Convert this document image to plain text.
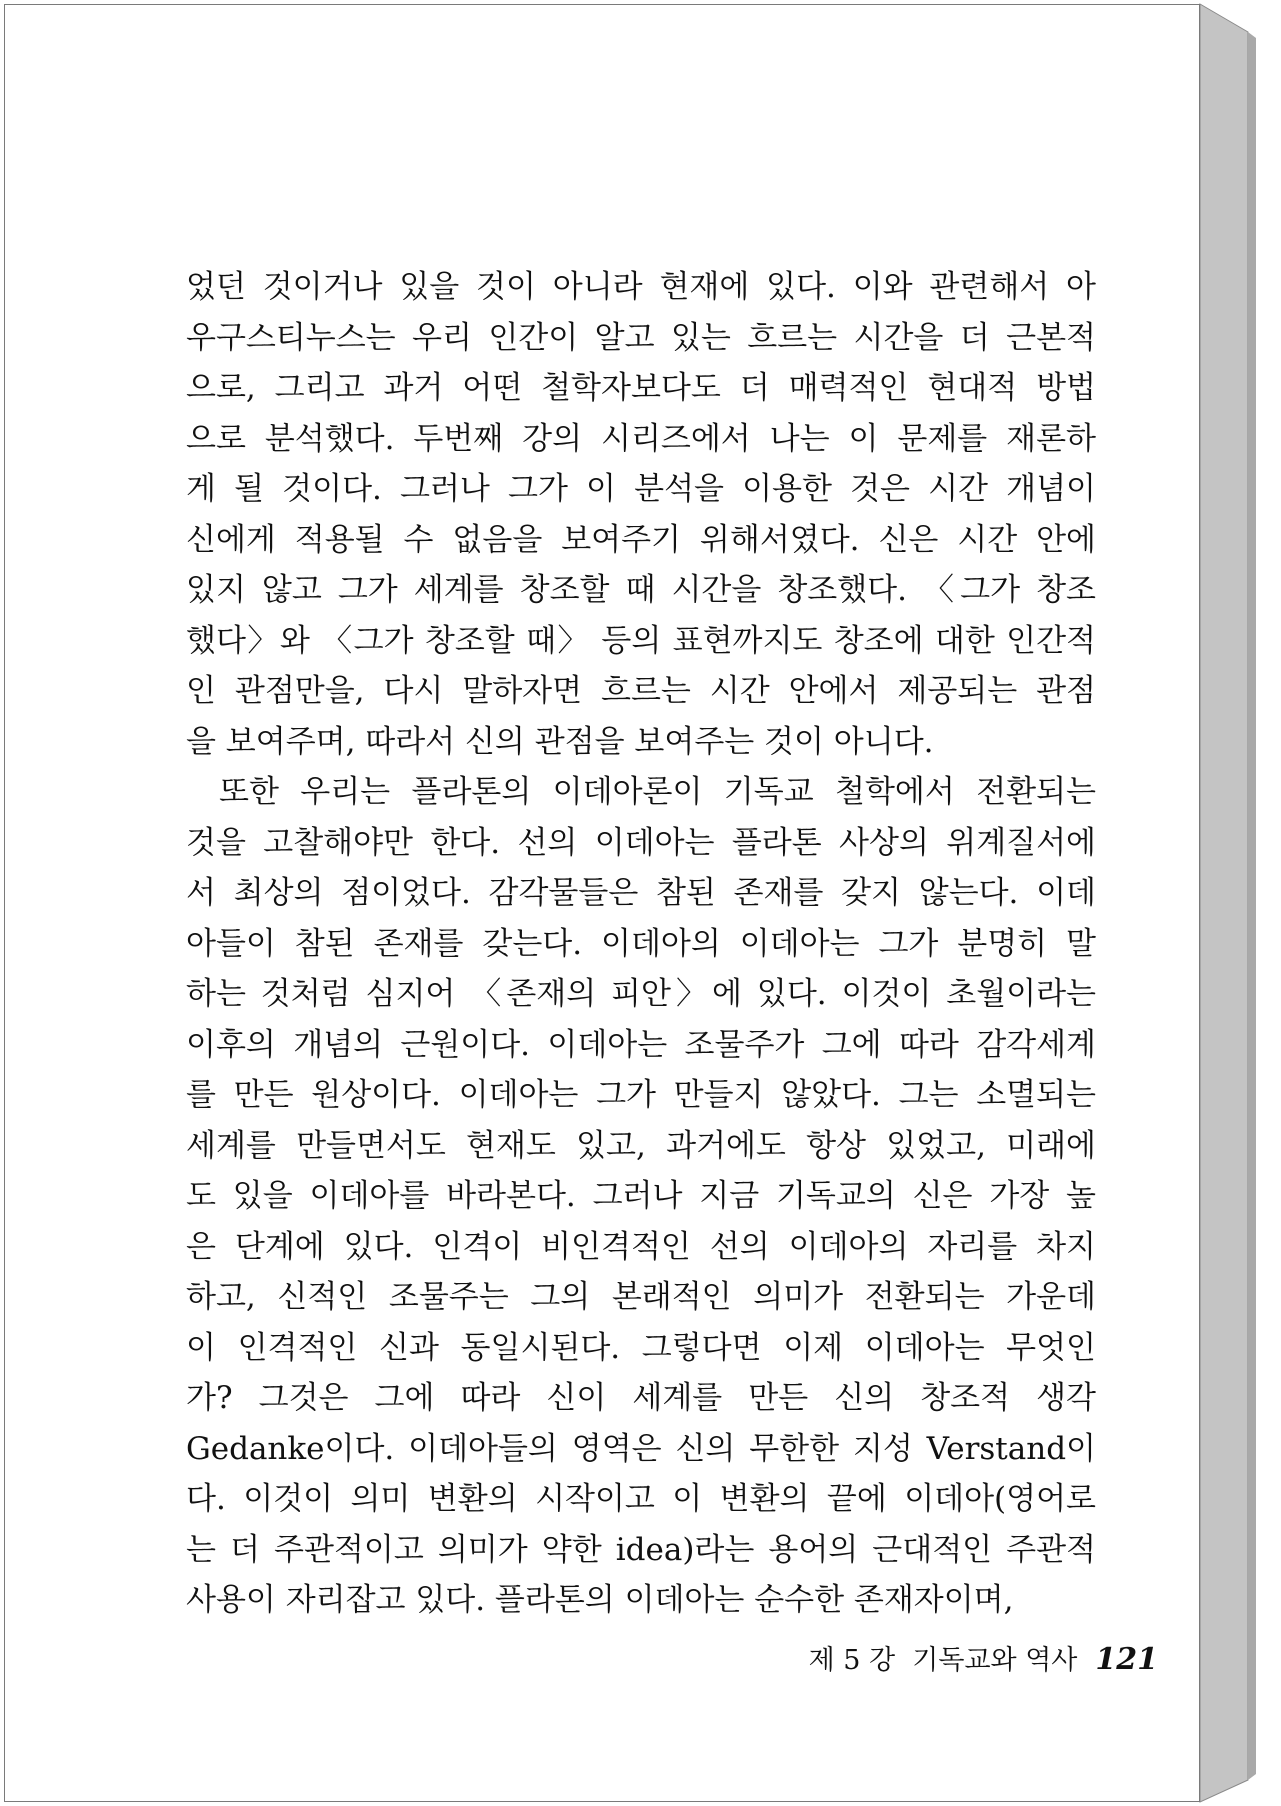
었던 것이거나 있을 것이 아니라 현재에 있다. 이와 관련해서 아
우구스티누스는 우리 인간이 알고 있는 흐르는 시간을 더 근본적
으로, 그리고 과거 어떤 철학자보다도 더 매력적인 현대적 방법
으로 분석했다. 두번째 강의 시리즈에서 나는 이 문제를 재론하
게 될 것이다. 그러나 그가 이 분석을 이용한 것은 시간 개념이
신에게 적용될 수 없음을 보여주기 위해서였다. 신은 시간 안에
있지 않고 그가 세계를 창조할 때 시간을 창조했다. 〈그가 창조
했다〉와 〈그가 창조할 때〉 등의 표현까지도 창조에 대한 인간적
인 관점만을, 다시 말하자면 흐르는 시간 안에서 제공되는 관점
을 보여주며, 따라서 신의 관점을 보여주는 것이 아니다.
또한 우리는 플라톤의 이데아론이 기독교 철학에서 전환되는
것을 고찰해야만 한다. 선의 이데아는 플라톤 사상의 위계질서에
서 최상의 점이었다. 감각물들은 참된 존재를 갖지 않는다. 이데
아들이 참된 존재를 갖는다. 이데아의 이데아는 그가 분명히 말
하는 것처럼 심지어 〈존재의 피안〉에 있다. 이것이 초월이라는
이후의 개념의 근원이다. 이데아는 조물주가 그에 따라 감각세계
를 만든 원상이다. 이데아는 그가 만들지 않았다. 그는 소멸되는
세계를 만들면서도 현재도 있고, 과거에도 항상 있었고, 미래에
도 있을 이데아를 바라본다. 그러나 지금 기독교의 신은 가장 높
은 단계에 있다. 인격이 비인격적인 선의 이데아의 자리를 차지
하고, 신적인 조물주는 그의 본래적인 의미가 전환되는 가운데
이 인격적인 신과 동일시된다. 그렇다면 이제 이데아는 무엇인
가? 그것은 그에 따라 신이 세계를 만든 신의 창조적 생각
Gedanke이다. 이데아들의 영역은 신의 무한한 지성 Verstand이
다. 이것이 의미 변환의 시작이고 이 변환의 끝에 이데아(영어로
는 더 주관적이고 의미가 약한 idea)라는 용어의 근대적인 주관적
사용이 자리잡고 있다. 플라톤의 이데아는 순수한 존재자이며,
제 5 강  기독교와 역사 121
